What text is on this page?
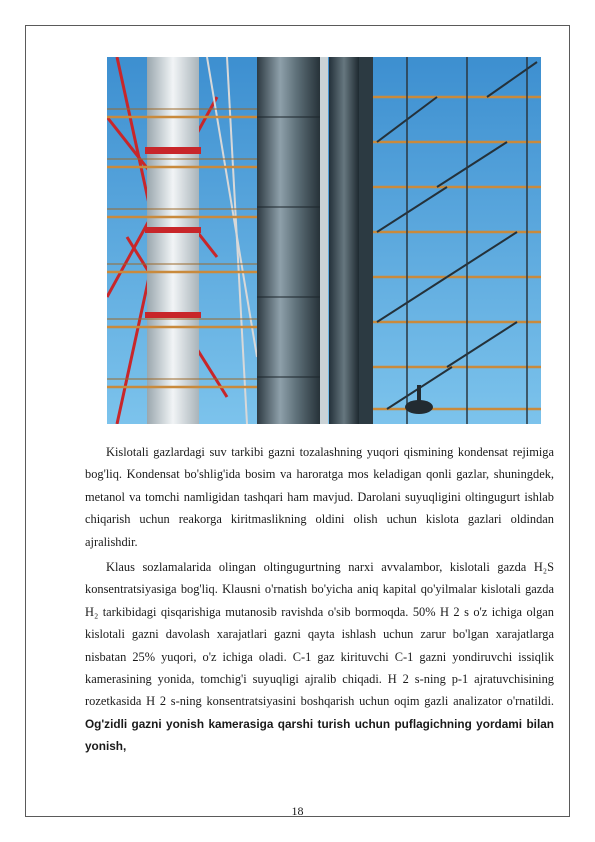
Kislotali gazlardagi suv tarkibi gazni tozalashning yuqori qismining kondensat rejimiga bog'liq. Kondensat bo'shlig'ida bosim va haroratga mos keladigan qonli gazlar, shuningdek, metanol va tomchi namligidan tashqari ham mavjud. Darolani suyuqligini oltingugurt ishlab chiqarish uchun reakorga kiritmaslikning oldini olish uchun kislota gazlari oldindan ajralishdir.

Klaus sozlamalarida olingan oltingugurtning narxi avvalambor, kislotali gazda H₂S konsentratsiyasiga bog'liq. Klausni o'rnatish bo'yicha aniq kapital qo'yilmalar kislotali gazda H₂ tarkibidagi qisqarishiga mutanosib ravishda o'sib bormoqda. 50% H 2 s o'z ichiga olgan kislotali gazni davolash xarajatlari gazni qayta ishlash uchun zarur bo'lgan xarajatlarga nisbatan 25% yuqori, o'z ichiga oladi. C-1 gaz kirituvchi C-1 gazni yondiruvchi issiqlik kamerasining yonida, tomchig'i suyuqligi ajralib chiqadi. H 2 s-ning p-1 ajratuvchisining rozetkasida H 2 s-ning konsentratsiyasini boshqarish uchun oqim gazli analizator o'rnatildi. Og'zidli gazni yonish kamerasiga qarshi turish uchun puflagichning yordami bilan yonish,

18
